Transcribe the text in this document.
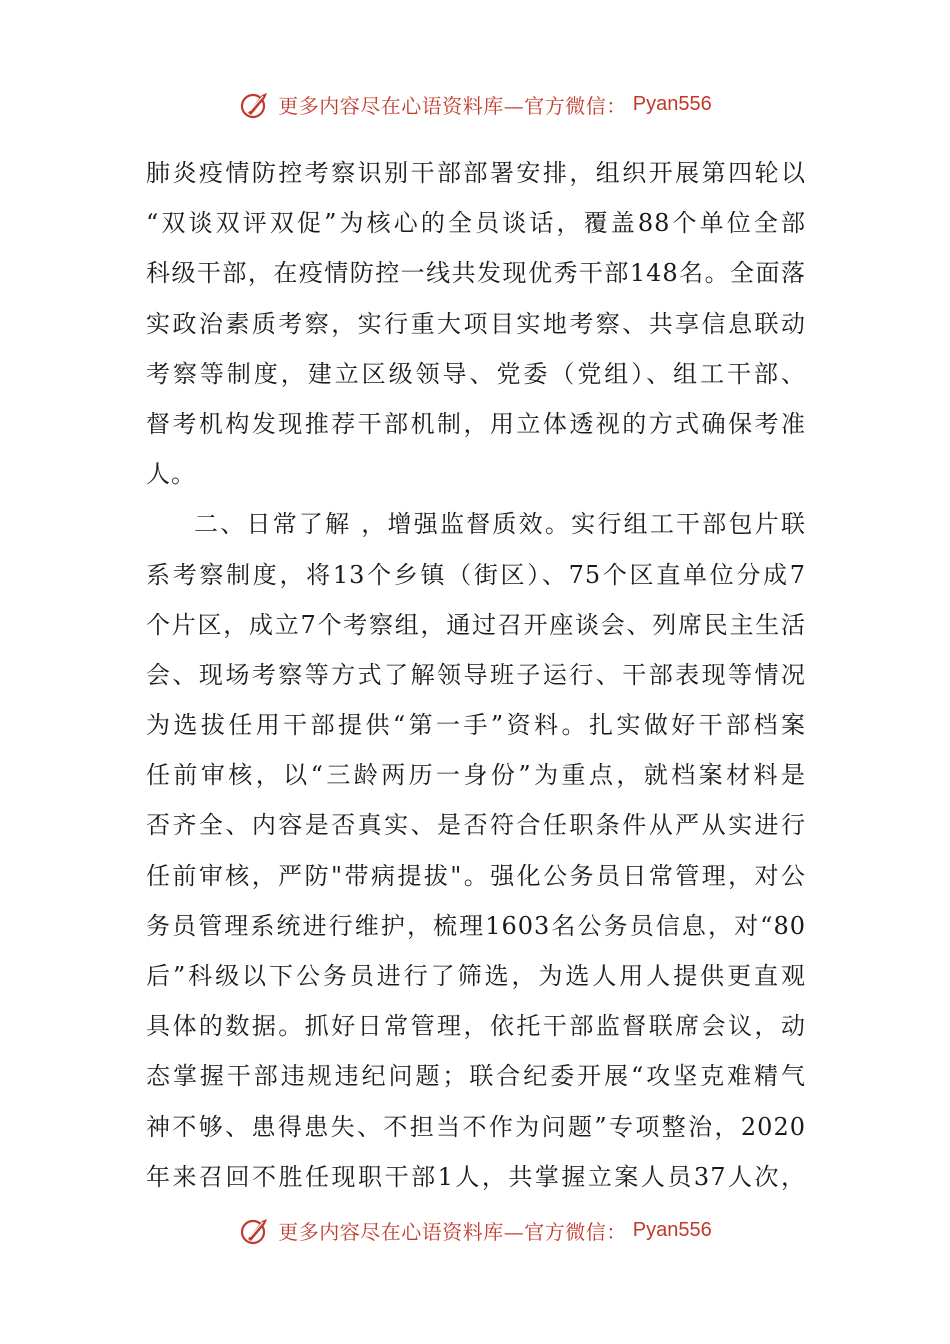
更多内容尽在心语资料库—官方微信： Pyan556
肺炎疫情防控考察识别干部部署安排，组织开展第四轮以
“双谈双评双促”为核心的全员谈话，覆盖88个单位全部
科级干部，在疫情防控一线共发现优秀干部148名。全面落
实政治素质考察，实行重大项目实地考察、共享信息联动
考察等制度，建立区级领导、党委（党组）、组工干部、
督考机构发现推荐干部机制，用立体透视的方式确保考准
人。
二、日常了解 ，增强监督质效。实行组工干部包片联
系考察制度，将13个乡镇（街区）、75个区直单位分成7
个片区，成立7个考察组，通过召开座谈会、列席民主生活
会、现场考察等方式了解领导班子运行、干部表现等情况
为选拔任用干部提供“第一手”资料。扎实做好干部档案
任前审核，以“三龄两历一身份”为重点，就档案材料是
否齐全、内容是否真实、是否符合任职条件从严从实进行
任前审核，严防"带病提拔"。强化公务员日常管理，对公
务员管理系统进行维护，梳理1603名公务员信息，对“80
后”科级以下公务员进行了筛选，为选人用人提供更直观
具体的数据。抓好日常管理，依托干部监督联席会议，动
态掌握干部违规违纪问题；联合纪委开展“攻坚克难精气
神不够、患得患失、不担当不作为问题”专项整治，2020
年来召回不胜任现职干部1人，共掌握立案人员37人次，
更多内容尽在心语资料库—官方微信： Pyan556
